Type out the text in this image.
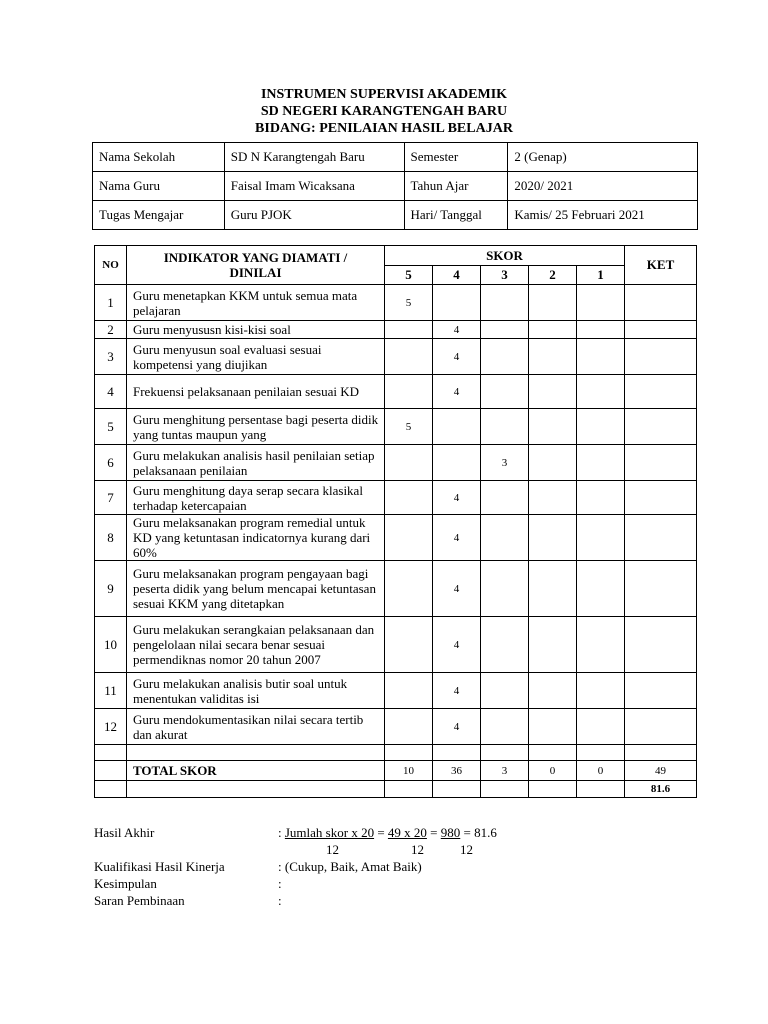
INSTRUMEN SUPERVISI AKADEMIK
SD NEGERI KARANGTENGAH BARU
BIDANG: PENILAIAN HASIL BELAJAR
Nama Sekolah	SD N Karangtengah Baru	Semester	2 (Genap)
Nama Guru	Faisal Imam Wicaksana	Tahun Ajar	2020/ 2021
Tugas Mengajar	Guru PJOK	Hari/ Tanggal	Kamis/ 25 Februari 2021
NO	INDIKATOR YANG DIAMATI / DINILAI	SKOR					KET
		5	4	3	2	1	
1	Guru menetapkan KKM untuk semua mata pelajaran	5					
2	Guru menyususn kisi-kisi soal		4				
3	Guru menyusun soal evaluasi sesuai kompetensi yang diujikan		4				
4	Frekuensi pelaksanaan penilaian sesuai KD		4				
5	Guru menghitung persentase bagi peserta didik yang tuntas maupun yang	5					
6	Guru melakukan analisis hasil penilaian setiap pelaksanaan penilaian			3			
7	Guru menghitung daya serap secara klasikal terhadap ketercapaian		4				
8	Guru melaksanakan program remedial untuk KD yang ketuntasan indicatornya kurang dari 60%		4				
9	Guru melaksanakan program pengayaan bagi peserta didik yang belum mencapai ketuntasan sesuai KKM yang ditetapkan		4				
10	Guru melakukan serangkaian pelaksanaan dan pengelolaan nilai secara benar sesuai permendiknas nomor 20 tahun 2007		4				
11	Guru melakukan analisis butir soal untuk menentukan validitas isi		4				
12	Guru mendokumentasikan nilai secara tertib dan akurat		4				

	TOTAL SKOR	10	36	3	0	0	49
							81.6
Hasil Akhir	: Jumlah skor x 20 = 49 x 20 = 980 = 81.6
12	12	12
Kualifikasi Hasil Kinerja	: (Cukup, Baik, Amat Baik)
Kesimpulan	:
Saran Pembinaan	:
